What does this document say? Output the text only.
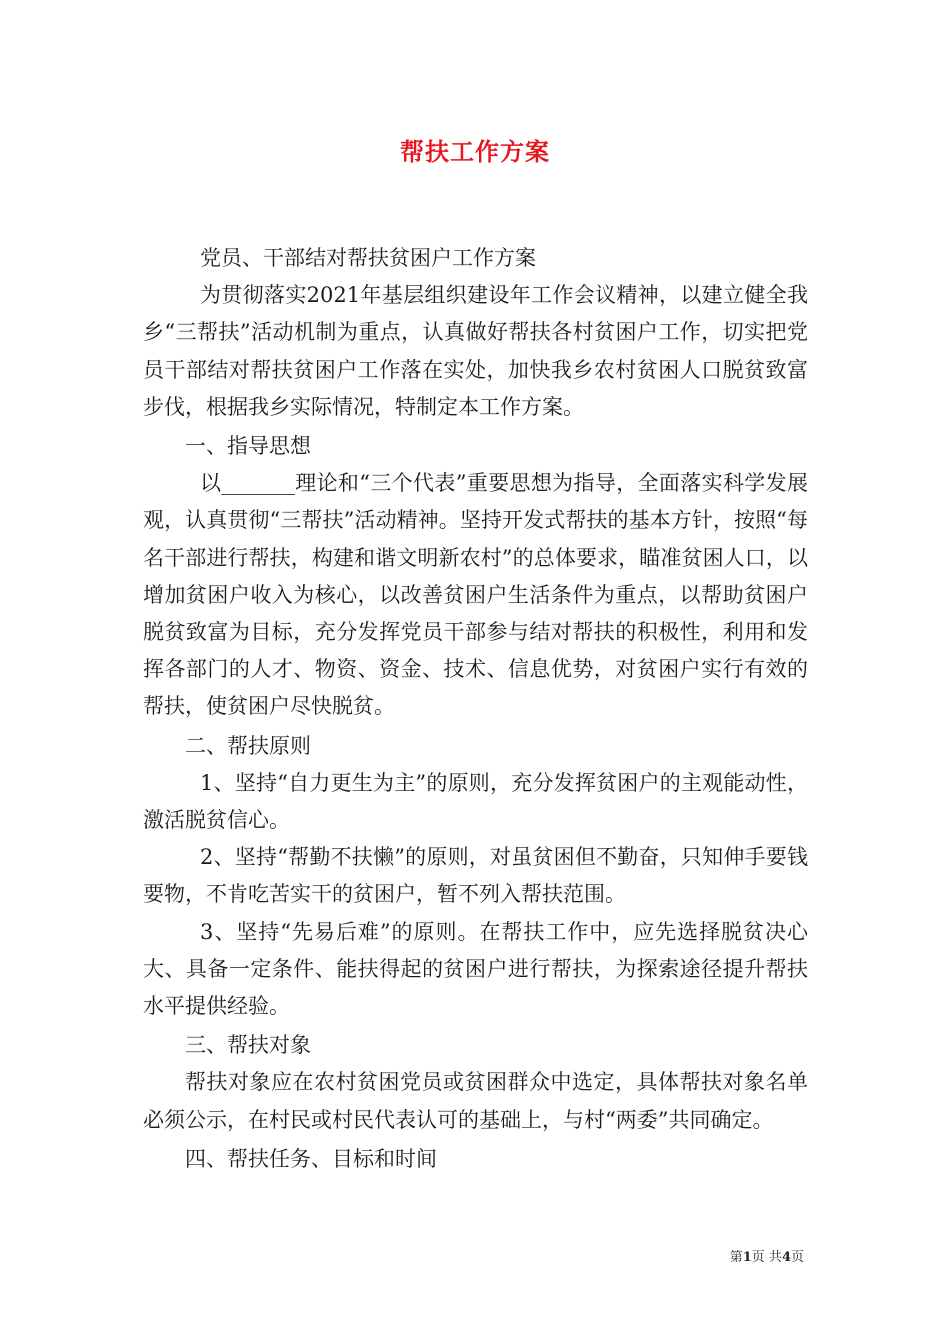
帮扶工作方案

党员、干部结对帮扶贫困户工作方案

为贯彻落实2021年基层组织建设年工作会议精神，以建立健全我乡“三帮扶”活动机制为重点，认真做好帮扶各村贫困户工作，切实把党员干部结对帮扶贫困户工作落在实处，加快我乡农村贫困人口脱贫致富步伐，根据我乡实际情况，特制定本工作方案。

一、指导思想

以_______理论和“三个代表”重要思想为指导，全面落实科学发展观，认真贯彻“三帮扶”活动精神。坚持开发式帮扶的基本方针，按照“每名干部进行帮扶，构建和谐文明新农村”的总体要求，瞄准贫困人口，以增加贫困户收入为核心，以改善贫困户生活条件为重点，以帮助贫困户脱贫致富为目标，充分发挥党员干部参与结对帮扶的积极性，利用和发挥各部门的人才、物资、资金、技术、信息优势，对贫困户实行有效的帮扶，使贫困户尽快脱贫。

二、帮扶原则

1、坚持“自力更生为主”的原则，充分发挥贫困户的主观能动性，激活脱贫信心。

2、坚持“帮勤不扶懒”的原则，对虽贫困但不勤奋，只知伸手要钱要物，不肯吃苦实干的贫困户，暂不列入帮扶范围。

3、坚持“先易后难”的原则。在帮扶工作中，应先选择脱贫决心大、具备一定条件、能扶得起的贫困户进行帮扶，为探索途径提升帮扶水平提供经验。

三、帮扶对象

帮扶对象应在农村贫困党员或贫困群众中选定，具体帮扶对象名单必须公示，在村民或村民代表认可的基础上，与村“两委”共同确定。

四、帮扶任务、目标和时间

第1页 共4页
